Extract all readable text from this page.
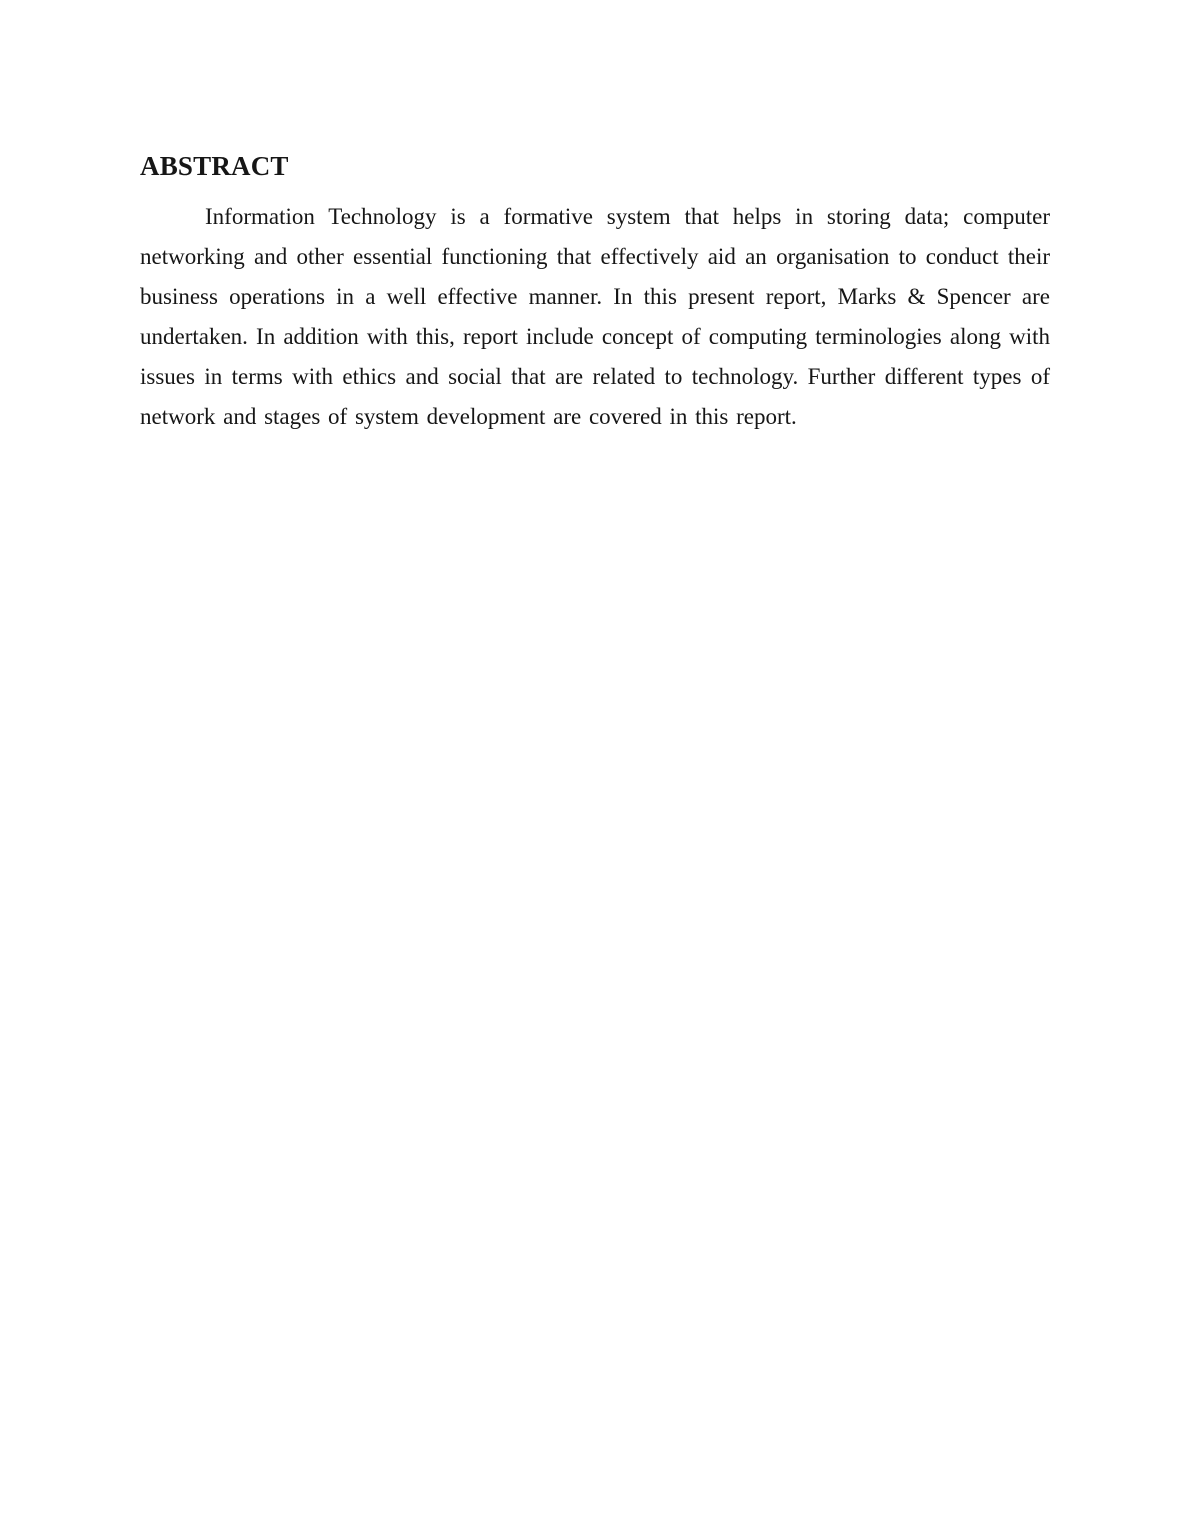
ABSTRACT

Information Technology is a formative system that helps in storing data; computer networking and other essential functioning that effectively aid an organisation to conduct their business operations in a well effective manner. In this present report, Marks & Spencer are undertaken. In addition with this, report include concept of computing terminologies along with issues in terms with ethics and social that are related to technology. Further different types of network and stages of system development are covered in this report.
